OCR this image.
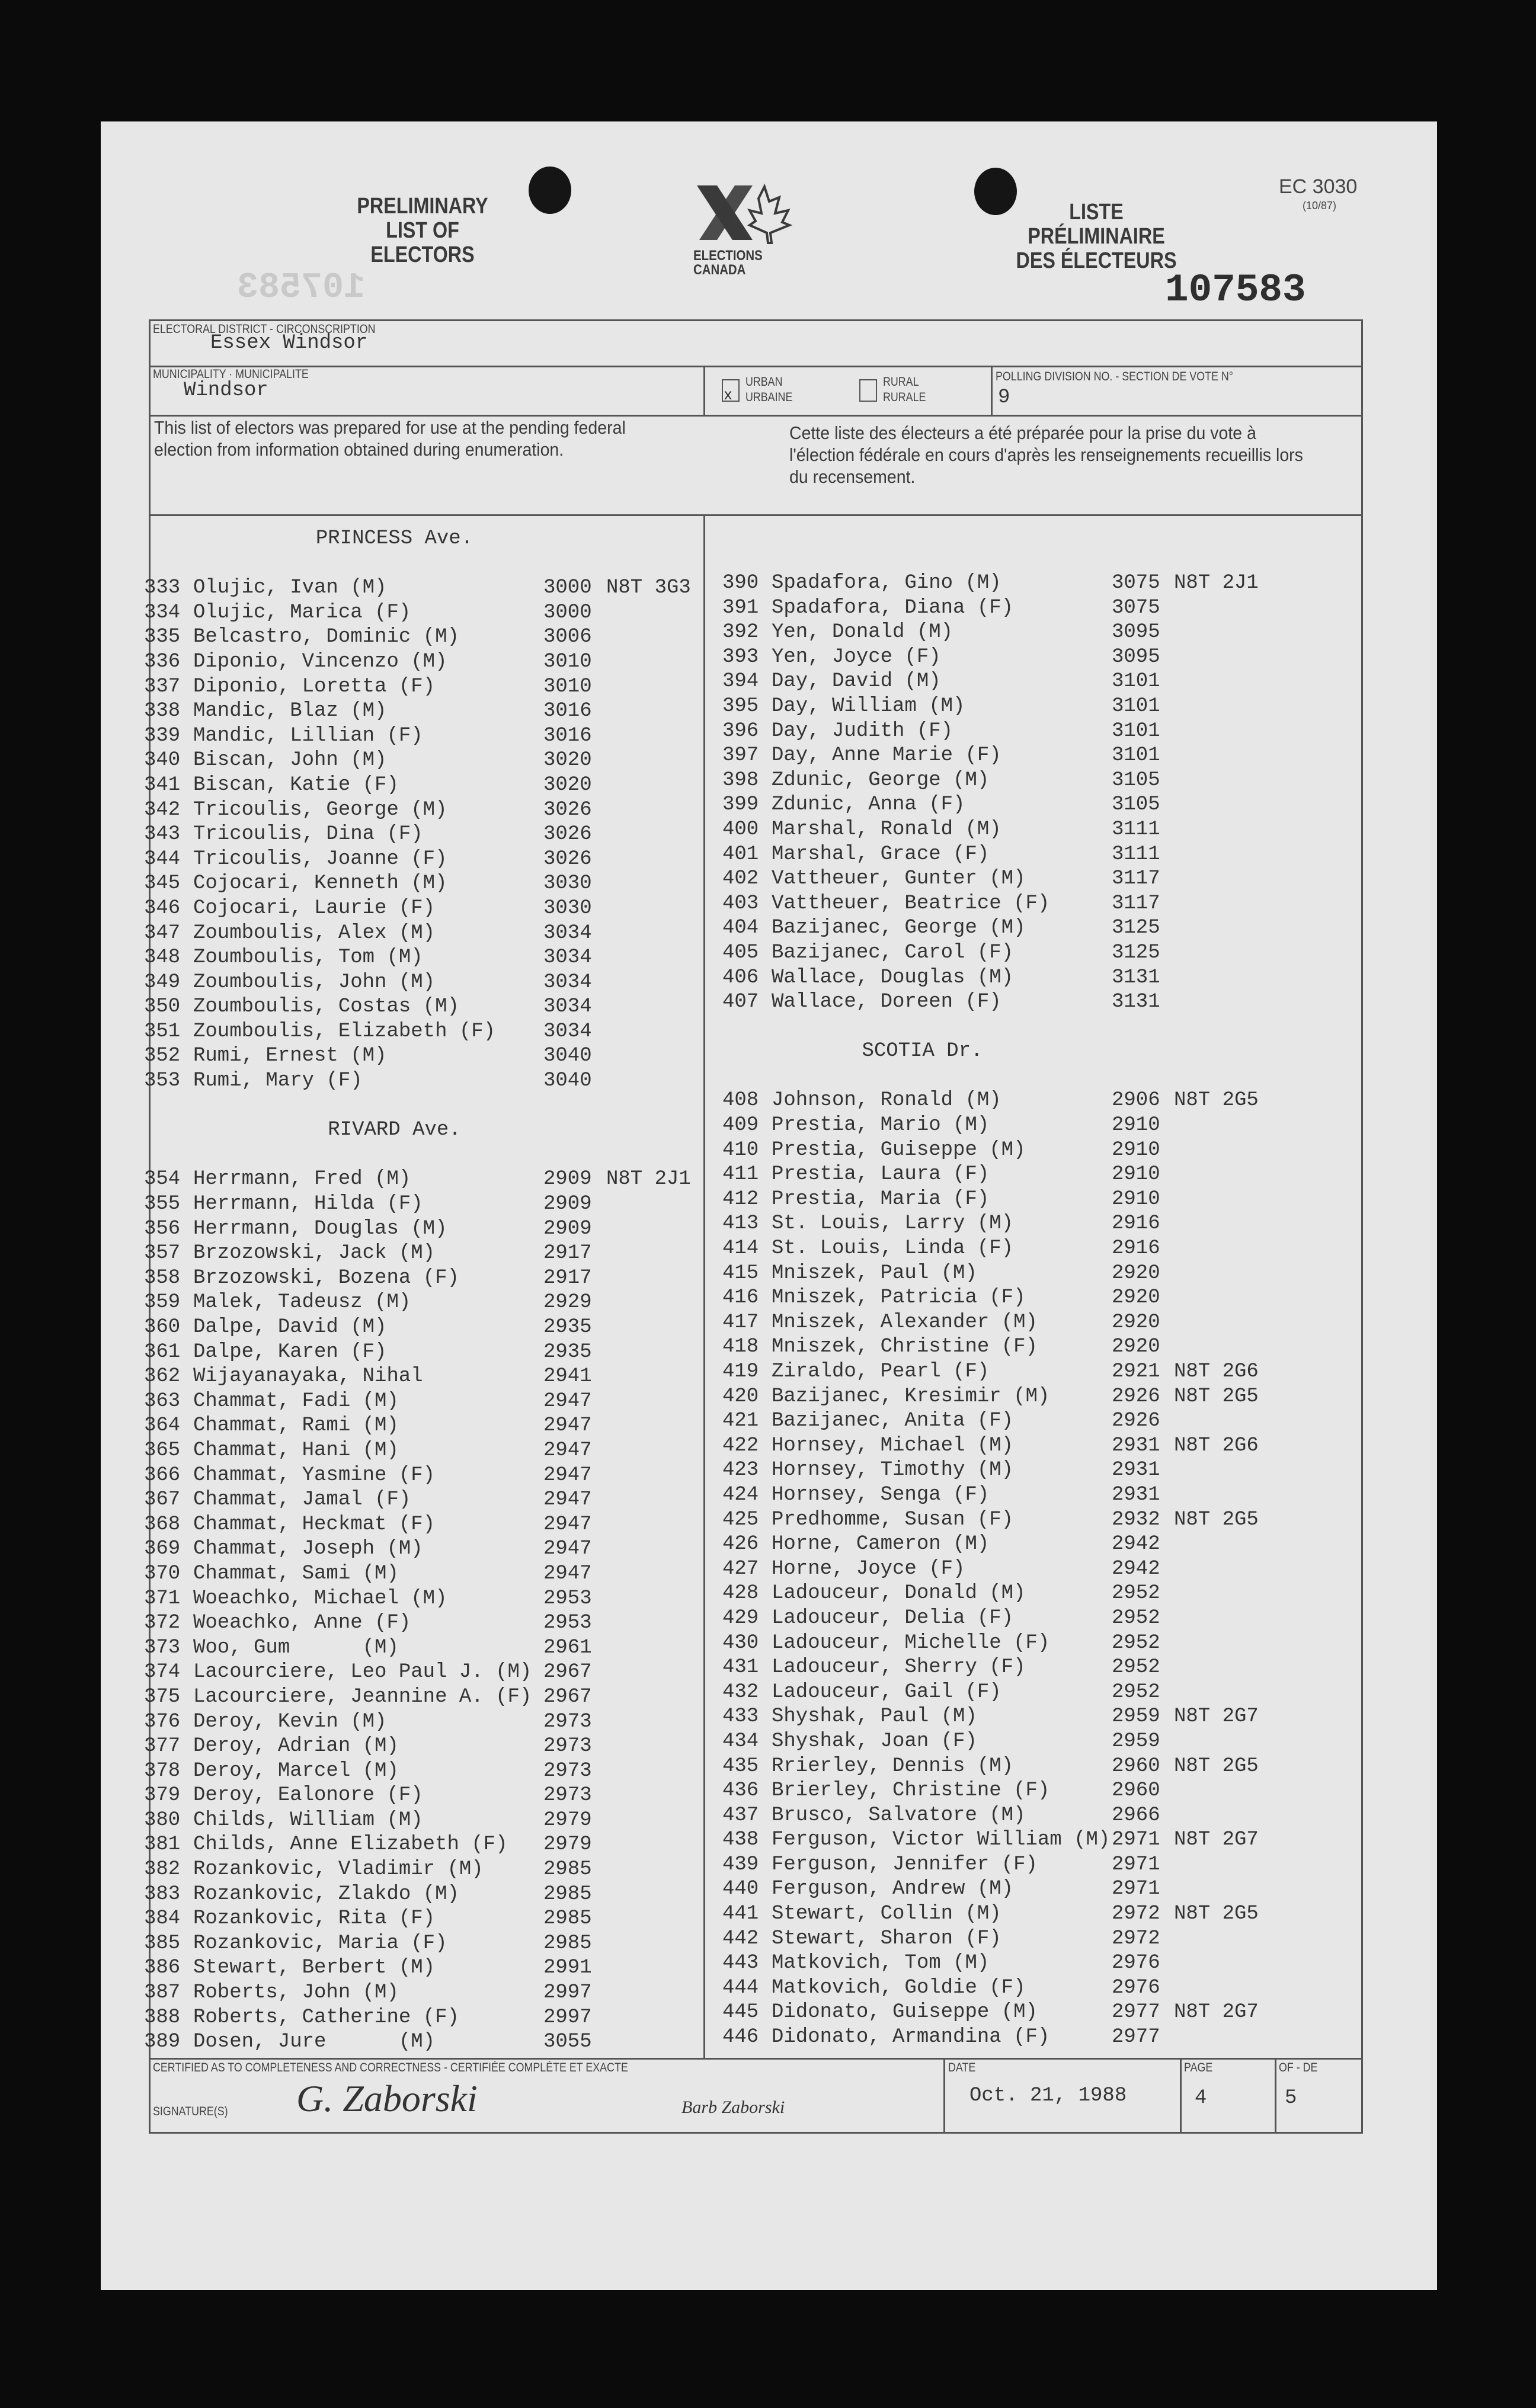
107583
PRELIMINARY
LIST OF
ELECTORS	ELECTIONS
CANADA
LISTE
PRÉLIMINAIRE
DES ÉLECTEURS
EC 3030
(10/87)
107583
ELECTORAL DISTRICT - CIRCONSCRIPTION
Essex Windsor
MUNICIPALITY · MUNICIPALITE
Windsor	x
URBAN
URBAINE
RURAL
RURALE
POLLING DIVISION NO. - SECTION DE VOTE N°
9
This list of electors was prepared for use at the pending federal election from information obtained during enumeration.
Cette liste des électeurs a été préparée pour la prise du vote à l'élection fédérale en cours d'après les renseignements recueillis lors du recensement.
PRINCESS Ave.
333 Olujic, Ivan (M)	3000 N8T 3G3
334 Olujic, Marica (F)	3000
335 Belcastro, Dominic (M)	3006
336 Diponio, Vincenzo (M)	3010
337 Diponio, Loretta (F)	3010
338 Mandic, Blaz (M)	3016
339 Mandic, Lillian (F)	3016
340 Biscan, John (M)	3020
341 Biscan, Katie (F)	3020
342 Tricoulis, George (M)	3026
343 Tricoulis, Dina (F)	3026
344 Tricoulis, Joanne (F)	3026
345 Cojocari, Kenneth (M)	3030
346 Cojocari, Laurie (F)	3030
347 Zoumboulis, Alex (M)	3034
348 Zoumboulis, Tom (M)	3034
349 Zoumboulis, John (M)	3034
350 Zoumboulis, Costas (M)	3034
351 Zoumboulis, Elizabeth (F) 3034
352 Rumi, Ernest (M)	3040
353 Rumi, Mary (F)	3040
RIVARD Ave.
354 Herrmann, Fred (M)	2909 N8T 2J1
355 Herrmann, Hilda (F)	2909
356 Herrmann, Douglas (M)	2909
357 Brzozowski, Jack (M)	2917
358 Brzozowski, Bozena (F)	2917
359 Malek, Tadeusz (M)	2929
360 Dalpe, David (M)	2935
361 Dalpe, Karen (F)	2935
362 Wijayanayaka, Nihal	2941
363 Chammat, Fadi (M)	2947
364 Chammat, Rami (M)	2947
365 Chammat, Hani (M)	2947
366 Chammat, Yasmine (F)	2947
367 Chammat, Jamal (F)	2947
368 Chammat, Heckmat (F)	2947
369 Chammat, Joseph (M)	2947
370 Chammat, Sami (M)	2947
371 Woeachko, Michael (M)	2953
372 Woeachko, Anne (F)	2953
373 Woo, Gum      (M)	2961
374 Lacourciere, Leo Paul J. (M) 2967
375 Lacourciere, Jeannine A. (F) 2967
376 Deroy, Kevin (M)	2973
377 Deroy, Adrian (M)	2973
378 Deroy, Marcel (M)	2973
379 Deroy, Ealonore (F)	2973
380 Childs, William (M)	2979
381 Childs, Anne Elizabeth (F) 2979
382 Rozankovic, Vladimir (M)	2985
383 Rozankovic, Zlakdo (M)	2985
384 Rozankovic, Rita (F)	2985
385 Rozankovic, Maria (F)	2985
386 Stewart, Berbert (M)	2991
387 Roberts, John (M)	2997
388 Roberts, Catherine (F)	2997
389 Dosen, Jure      (M)	3055
390 Spadafora, Gino (M)	3075 N8T 2J1
391 Spadafora, Diana (F)	3075
392 Yen, Donald (M)	3095
393 Yen, Joyce (F)	3095
394 Day, David (M)	3101
395 Day, William (M)	3101
396 Day, Judith (F)	3101
397 Day, Anne Marie (F)	3101
398 Zdunic, George (M)	3105
399 Zdunic, Anna (F)	3105
400 Marshal, Ronald (M)	3111
401 Marshal, Grace (F)	3111
402 Vattheuer, Gunter (M)	3117
403 Vattheuer, Beatrice (F)	3117
404 Bazijanec, George (M)	3125
405 Bazijanec, Carol (F)	3125
406 Wallace, Douglas (M)	3131
407 Wallace, Doreen (F)	3131
SCOTIA Dr.
408 Johnson, Ronald (M)	2906 N8T 2G5
409 Prestia, Mario (M)	2910
410 Prestia, Guiseppe (M)	2910
411 Prestia, Laura (F)	2910
412 Prestia, Maria (F)	2910
413 St. Louis, Larry (M)	2916
414 St. Louis, Linda (F)	2916
415 Mniszek, Paul (M)	2920
416 Mniszek, Patricia (F)	2920
417 Mniszek, Alexander (M)	2920
418 Mniszek, Christine (F)	2920
419 Ziraldo, Pearl (F)	2921 N8T 2G6
420 Bazijanec, Kresimir (M)	2926 N8T 2G5
421 Bazijanec, Anita (F)	2926
422 Hornsey, Michael (M)	2931 N8T 2G6
423 Hornsey, Timothy (M)	2931
424 Hornsey, Senga (F)	2931
425 Predhomme, Susan (F)	2932 N8T 2G5
426 Horne, Cameron (M)	2942
427 Horne, Joyce (F)	2942
428 Ladouceur, Donald (M)	2952
429 Ladouceur, Delia (F)	2952
430 Ladouceur, Michelle (F)	2952
431 Ladouceur, Sherry (F)	2952
432 Ladouceur, Gail (F)	2952
433 Shyshak, Paul (M)	2959 N8T 2G7
434 Shyshak, Joan (F)	2959
435 Rrierley, Dennis (M)	2960 N8T 2G5
436 Brierley, Christine (F)	2960
437 Brusco, Salvatore (M)	2966
438 Ferguson, Victor William (M) 2971 N8T 2G7
439 Ferguson, Jennifer (F)	2971
440 Ferguson, Andrew (M)	2971
441 Stewart, Collin (M)	2972 N8T 2G5
442 Stewart, Sharon (F)	2972
443 Matkovich, Tom (M)	2976
444 Matkovich, Goldie (F)	2976
445 Didonato, Guiseppe (M)	2977 N8T 2G7
446 Didonato, Armandina (F)	2977
CERTIFIED AS TO COMPLETENESS AND CORRECTNESS - CERTIFIÉE COMPLÈTE ET EXACTE
SIGNATURE(S) G. Zaborski	Barb Zaborski
DATE
Oct. 21, 1988
PAGE
4
OF - DE
5
